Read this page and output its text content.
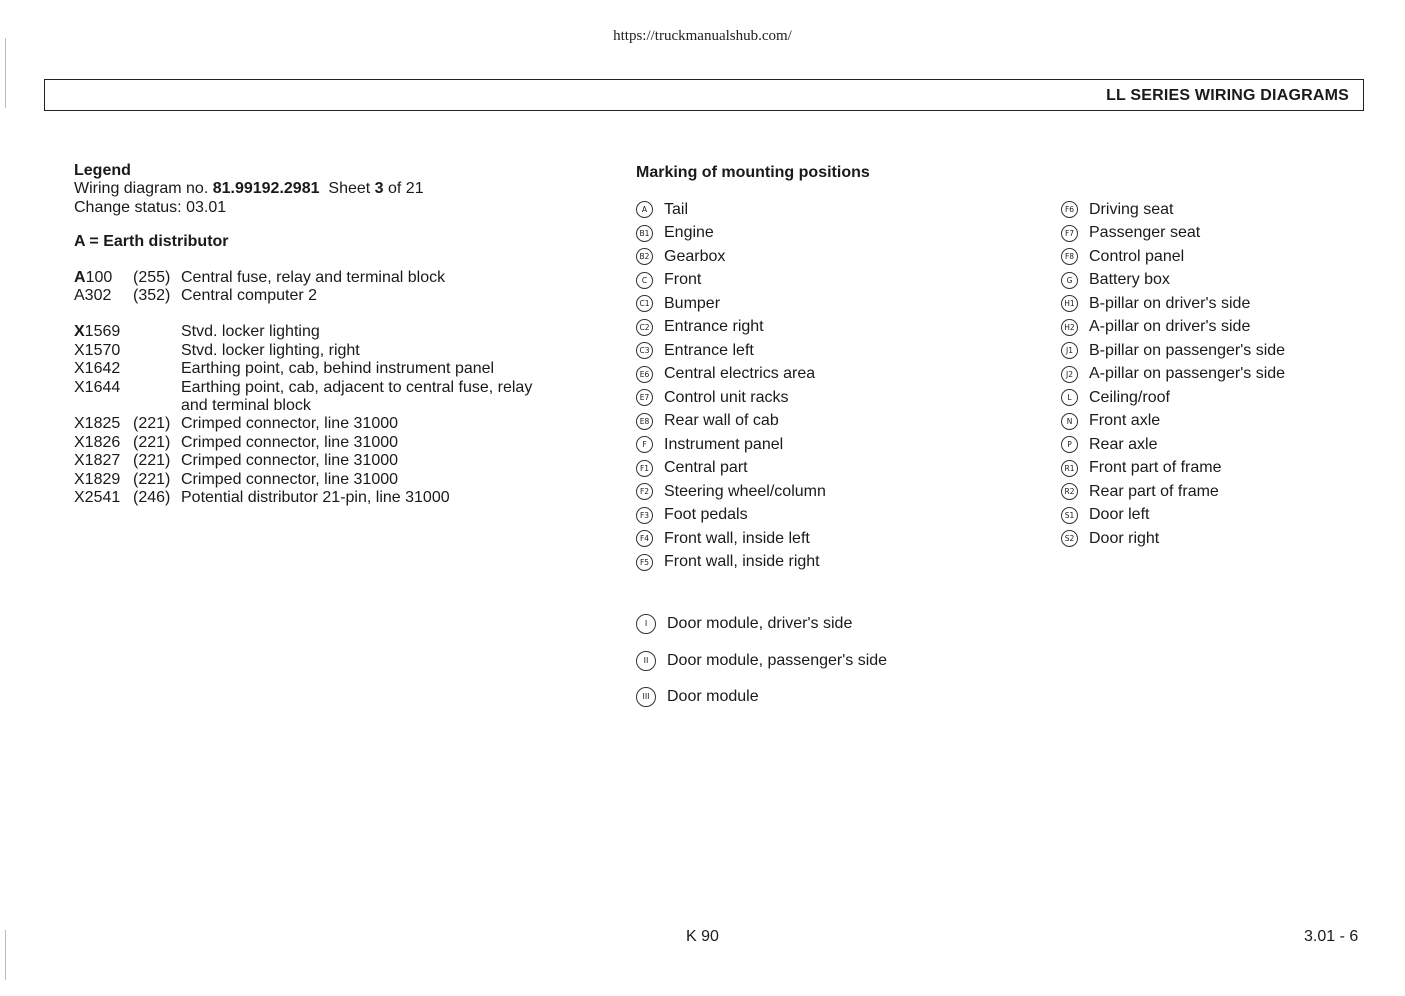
https://truckmanualshub.com/
LL SERIES WIRING DIAGRAMS
Legend
Wiring diagram no. 81.99192.2981  Sheet 3 of 21
Change status: 03.01
A = Earth distributor
A100	(255) Central fuse, relay and terminal block
A302	(352) Central computer 2
X1569	Stvd. locker lighting
X1570	Stvd. locker lighting, right
X1642	Earthing point, cab, behind instrument panel
X1644	Earthing point, cab, adjacent to central fuse, relay and terminal block
X1825 (221) Crimped connector, line 31000
X1826 (221) Crimped connector, line 31000
X1827 (221) Crimped connector, line 31000
X1829 (221) Crimped connector, line 31000
X2541 (246) Potential distributor 21-pin, line 31000
Marking of mounting positions
A	Tail
B1 Engine
B2 Gearbox
C	Front
C1 Bumper
C2 Entrance right
C3 Entrance left
E6 Central electrics area
E7 Control unit racks
E8 Rear wall of cab
F	Instrument panel
F1 Central part
F2 Steering wheel/column
F3 Foot pedals
F4 Front wall, inside left
F5 Front wall, inside right
F6 Driving seat
F7 Passenger seat
F8 Control panel
G	Battery box
H1 B-pillar on driver's side
H2 A-pillar on driver's side
J1	B-pillar on passenger's side
J2	A-pillar on passenger's side
L	Ceiling/roof
N	Front axle
P	Rear axle
R1 Front part of frame
R2 Rear part of frame
S1 Door left
S2 Door right
I	Door module, driver's side
II	Door module, passenger's side
III	Door module
K 90	3.01 - 6
